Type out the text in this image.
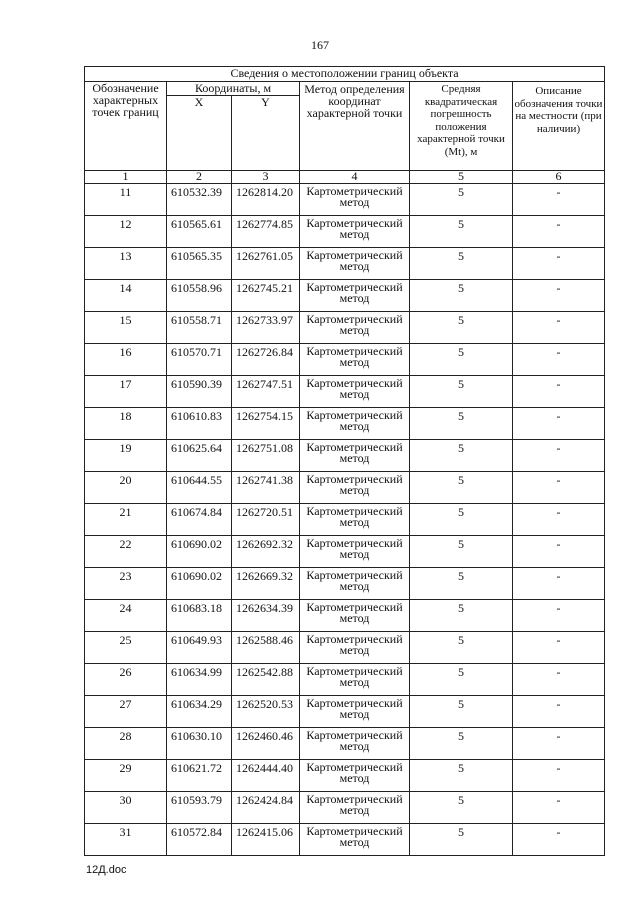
167
Сведения о местоположении границ объекта					
Обозначение характерных точек границ	Координаты, м		Метод определения координат характерной точки	Средняя квадратическая погрешность положения характерной точки (Mt), м	Описание обозначения точки на местности (при наличии)
	X	Y			
1	2	3	4	5	6
11	610532.39	1262814.20	Картометрический метод	5	-
12	610565.61	1262774.85	Картометрический метод	5	-
13	610565.35	1262761.05	Картометрический метод	5	-
14	610558.96	1262745.21	Картометрический метод	5	-
15	610558.71	1262733.97	Картометрический метод	5	-
16	610570.71	1262726.84	Картометрический метод	5	-
17	610590.39	1262747.51	Картометрический метод	5	-
18	610610.83	1262754.15	Картометрический метод	5	-
19	610625.64	1262751.08	Картометрический метод	5	-
20	610644.55	1262741.38	Картометрический метод	5	-
21	610674.84	1262720.51	Картометрический метод	5	-
22	610690.02	1262692.32	Картометрический метод	5	-
23	610690.02	1262669.32	Картометрический метод	5	-
24	610683.18	1262634.39	Картометрический метод	5	-
25	610649.93	1262588.46	Картометрический метод	5	-
26	610634.99	1262542.88	Картометрический метод	5	-
27	610634.29	1262520.53	Картометрический метод	5	-
28	610630.10	1262460.46	Картометрический метод	5	-
29	610621.72	1262444.40	Картометрический метод	5	-
30	610593.79	1262424.84	Картометрический метод	5	-
31	610572.84	1262415.06	Картометрический метод	5	-
12Д.doc
